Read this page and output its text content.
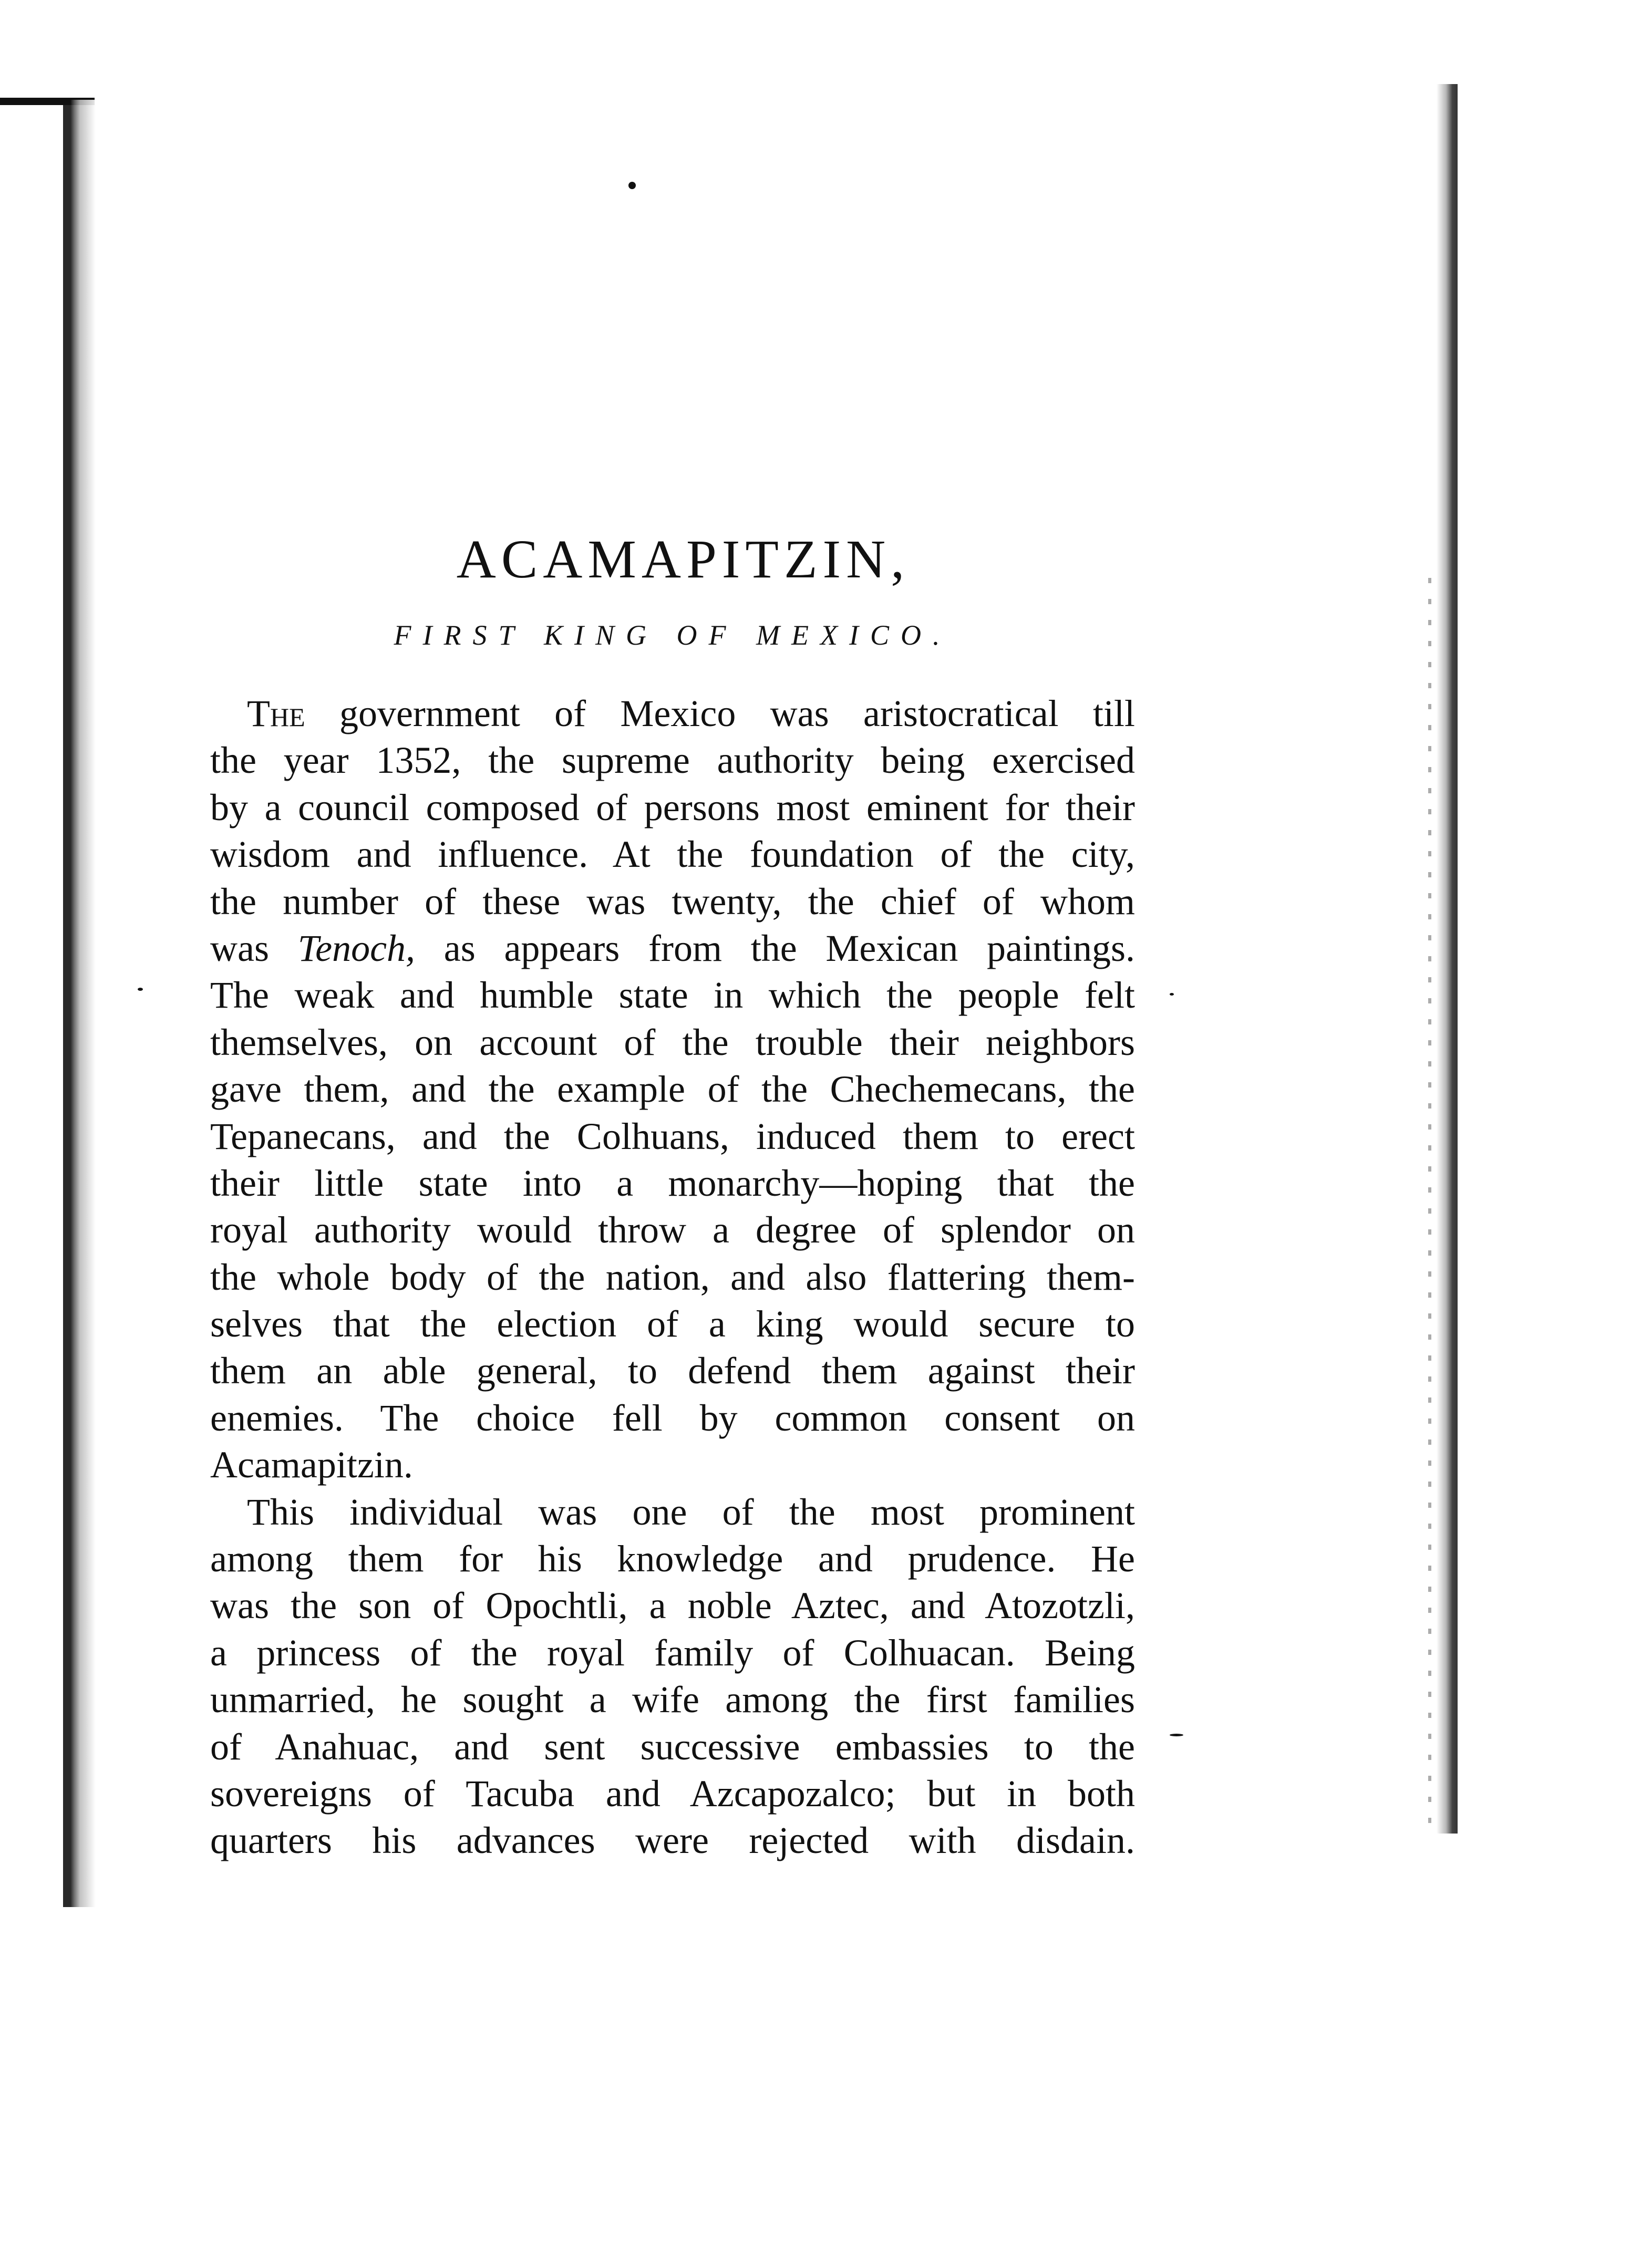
ACAMAPITZIN,
FIRST KING OF MEXICO.
The government of Mexico was aristocratical till
the year 1352, the supreme authority being exercised
by a council composed of persons most eminent for their
wisdom and influence. At the foundation of the city,
the number of these was twenty, the chief of whom
was Tenoch, as appears from the Mexican paintings.
The weak and humble state in which the people felt
themselves, on account of the trouble their neighbors
gave them, and the example of the Chechemecans, the
Tepanecans, and the Colhuans, induced them to erect
their little state into a monarchy—hoping that the
royal authority would throw a degree of splendor on
the whole body of the nation, and also flattering them-
selves that the election of a king would secure to
them an able general, to defend them against their
enemies. The choice fell by common consent on
Acamapitzin.
This individual was one of the most prominent
among them for his knowledge and prudence. He
was the son of Opochtli, a noble Aztec, and Atozotzli,
a princess of the royal family of Colhuacan. Being
unmarried, he sought a wife among the first families
of Anahuac, and sent successive embassies to the
sovereigns of Tacuba and Azcapozalco; but in both
quarters his advances were rejected with disdain.
